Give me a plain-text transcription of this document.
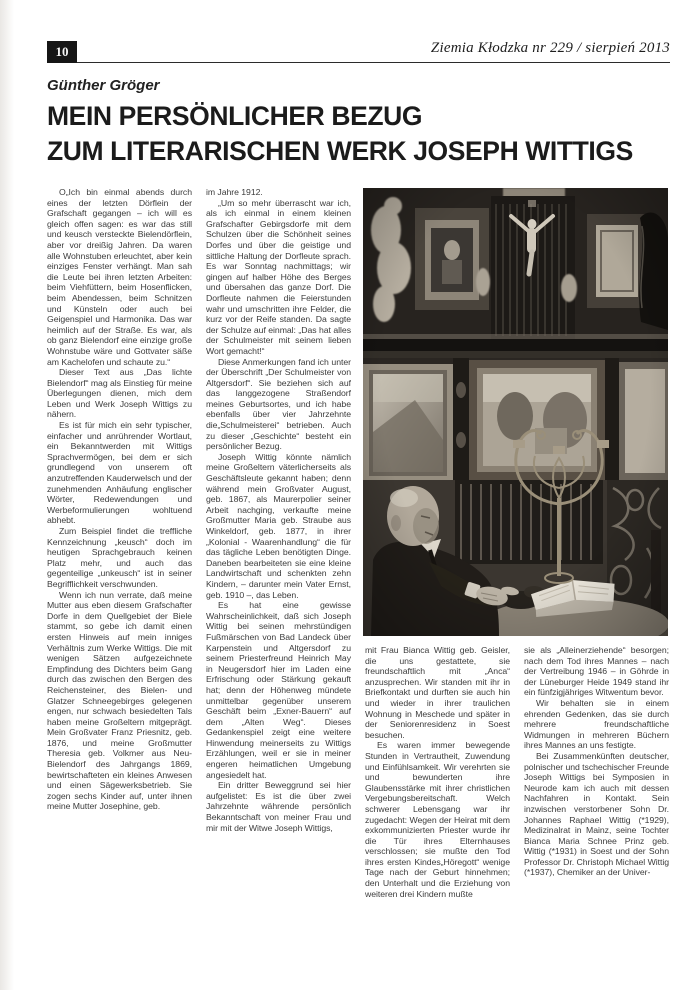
10	Ziemia Kłodzka nr 229 / sierpień 2013
Günther Gröger
MEIN PERSÖNLICHER BEZUG
ZUM LITERARISCHEN WERK JOSEPH WITTIGS

O„Ich bin einmal abends durch eines der letzten Dörflein der Grafschaft gegangen – ich will es gleich offen sagen: es war das still und keusch versteckte Bielendörflein, aber vor dreißig Jahren. Da waren alle Wohnstuben erleuchtet, aber kein einziges Fenster verhängt. Man sah die Leute bei ihren letzten Arbeiten: beim Viehfüttern, beim Hosenflicken, beim Abendessen, beim Schnitzen und Künsteln oder auch bei Geigenspiel und Harmonika. Das war heimlich auf der Straße. Es war, als ob ganz Bielendorf eine einzige große Wohnstube wäre und Gottvater säße am Kachelofen und schaute zu.“

Dieser Text aus „Das lichte Bielendorf“ mag als Einstieg für meine Überlegungen dienen, mich dem Leben und Werk Joseph Wittigs zu nähern.

Es ist für mich ein sehr typischer, einfacher und anrührender Wortlaut, ein Bekanntwerden mit Wittigs Sprachvermögen, bei dem er sich grundlegend von unserem oft anzutreffenden Kauderwelsch und der zunehmenden Anhäufung englischer Wörter, Redewendungen und Werbeformulierungen wohltuend abhebt.

Zum Beispiel findet die treffliche Kennzeichnung „keusch“ doch im heutigen Sprachgebrauch keinen Platz mehr, und auch das gegenteilige „unkeusch“ ist in seiner Begrifflichkeit verschwunden.

Wenn ich nun verrate, daß meine Mutter aus eben diesem Grafschafter Dorfe in dem Quellgebiet der Biele stammt, so gebe ich damit einen ersten Hinweis auf mein inniges Verhältnis zum Werke Wittigs. Die mit wenigen Sätzen aufgezeichnete Empfindung des Dichters beim Gang durch das zwischen den Bergen des Reichensteiner, des Bielen- und Glatzer Schneegebirges gelegenen engen, nur schwach besiedelten Tals haben meine Großeltern mitgeprägt. Mein Großvater Franz Priesnitz, geb. 1876, und meine Großmutter Theresia geb. Volkmer aus Neu-Bielendorf des Jahrgangs 1869, bewirtschafteten ein kleines Anwesen und einen Sägewerksbetrieb. Sie zogen sechs Kinder auf, unter ihnen meine Mutter Josephine, geb.

im Jahre 1912.

„Um so mehr überrascht war ich, als ich einmal in einem kleinen Grafschafter Gebirgsdorfe mit dem Schulzen über die Schönheit seines Dorfes und über die geistige und sittliche Haltung der Dorfleute sprach. Es war Sonntag nachmittags; wir gingen auf halber Höhe des Berges und übersahen das ganze Dorf. Die Dorfleute nahmen die Feierstunden wahr und umschritten ihre Felder, die kurz vor der Reife standen. Da sagte der Schulze auf einmal: „Das hat alles der Schulmeister mit seinem lieben Wort gemacht!“

Diese Anmerkungen fand ich unter der Überschrift „Der Schulmeister von Altgersdorf“. Sie beziehen sich auf das langgezogene Straßendorf meines Geburtsortes, und ich habe ebenfalls über vier Jahrzehnte die„Schulmeisterei“ betrieben. Auch zu dieser „Geschichte“ besteht ein persönlicher Bezug.

Joseph Wittig könnte nämlich meine Großeltern väterlicherseits als Geschäftsleute gekannt haben; denn während mein Großvater August, geb. 1867, als Maurerpolier seiner Arbeit nachging, verkaufte meine Großmutter Maria geb. Straube aus Winkeldorf, geb. 1877, in ihrer „Kolonial - Waarenhandlung“ die für das tägliche Leben benötigten Dinge. Daneben bearbeiteten sie eine kleine Landwirtschaft und schenkten zehn Kindern, – darunter mein Vater Ernst, geb. 1910 –, das Leben.

Es hat eine gewisse Wahrscheinlichkeit, daß sich Joseph Wittig bei seinen mehrstündigen Fußmärschen von Bad Landeck über Karpenstein und Altgersdorf zu seinem Priesterfreund Heinrich May in Neugersdorf hier im Laden eine Erfrischung oder Stärkung gekauft hat; denn der Höhenweg mündete unmittelbar gegenüber unserem Geschäft beim „Exner-Bauern“ auf dem „Alten Weg“. Dieses Gedankenspiel zeigt eine weitere Hinwendung meinerseits zu Wittigs Erzählungen, weil er sie in meiner engeren heimatlichen Umgebung angesiedelt hat.

Ein dritter Beweggrund sei hier aufgelistet: Es ist die über zwei Jahrzehnte währende persönlich Bekanntschaft von meiner Frau und mir mit der Witwe Joseph Wittigs,

mit Frau Bianca Wittig geb. Geisler, die uns gestattete, sie freundschaftlich mit „Anca“ anzusprechen. Wir standen mit ihr in Briefkontakt und durften sie auch hin und wieder in ihrer traulichen Wohnung in Meschede und später in der Seniorenresidenz in Soest besuchen.

Es waren immer bewegende Stunden in Vertrautheit, Zuwendung und Einfühlsamkeit. Wir verehrten sie und bewunderten ihre Glaubensstärke mit ihrer christlichen Vergebungsbereitschaft. Welch schwerer Lebensgang war ihr zugedacht: Wegen der Heirat mit dem exkommunizierten Priester wurde ihr die Tür ihres Elternhauses verschlossen; sie mußte den Tod ihres ersten Kindes„Höregott“ wenige Tage nach der Geburt hinnehmen; den Unterhalt und die Erziehung von weiteren drei Kindern mußte

sie als „Alleinerziehende“ besorgen; nach dem Tod ihres Mannes – nach der Vertreibung 1946 – in Göhrde in der Lüneburger Heide 1949 stand ihr ein fünfzigjähriges Witwentum bevor.

Wir behalten sie in einem ehrenden Gedenken, das sie durch mehrere freundschaftliche Widmungen in mehreren Büchern ihres Mannes an uns festigte.

Bei Zusammenkünften deutscher, polnischer und tschechischer Freunde Joseph Wittigs bei Symposien in Neurode kam ich auch mit dessen Nachfahren in Kontakt. Sein inzwischen verstorbener Sohn Dr. Johannes Raphael Wittig (*1929), Medizinalrat in Mainz, seine Tochter Bianca Maria Schnee Prinz geb. Wittig (*1931) in Soest und der Sohn Professor Dr. Christoph Michael Wittig (*1937), Chemiker an der Univer-
